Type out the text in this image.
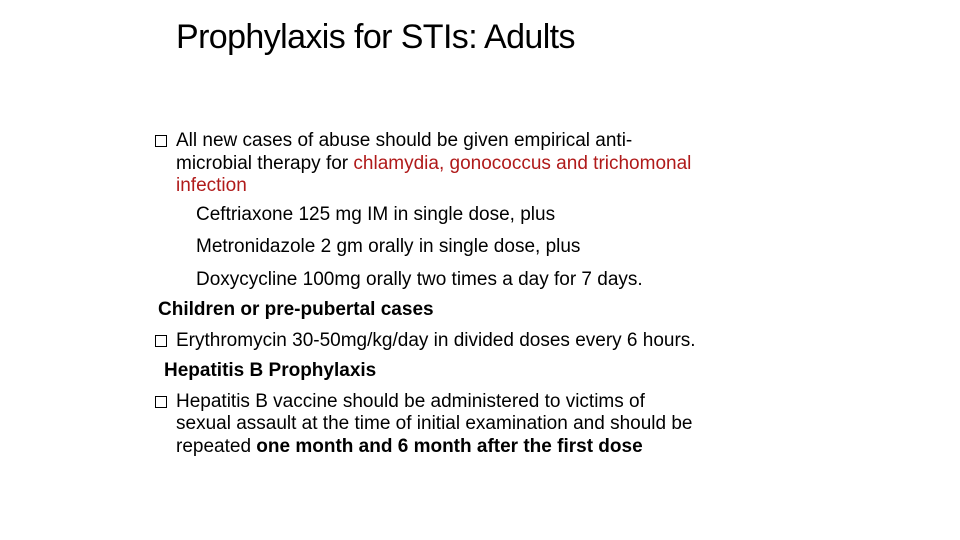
Prophylaxis for STIs: Adults
All new cases of abuse should be given empirical anti-
microbial therapy for chlamydia, gonococcus and trichomonal
infection
Ceftriaxone 125 mg IM in single dose, plus
Metronidazole 2 gm orally in single dose, plus
Doxycycline 100mg orally two times a day for 7 days.
Children or pre-pubertal cases
Erythromycin 30-50mg/kg/day in divided doses every 6 hours.
Hepatitis B Prophylaxis
Hepatitis B vaccine should be administered to victims of
sexual assault at the time of initial examination and should be
repeated one month and 6 month after the first dose
